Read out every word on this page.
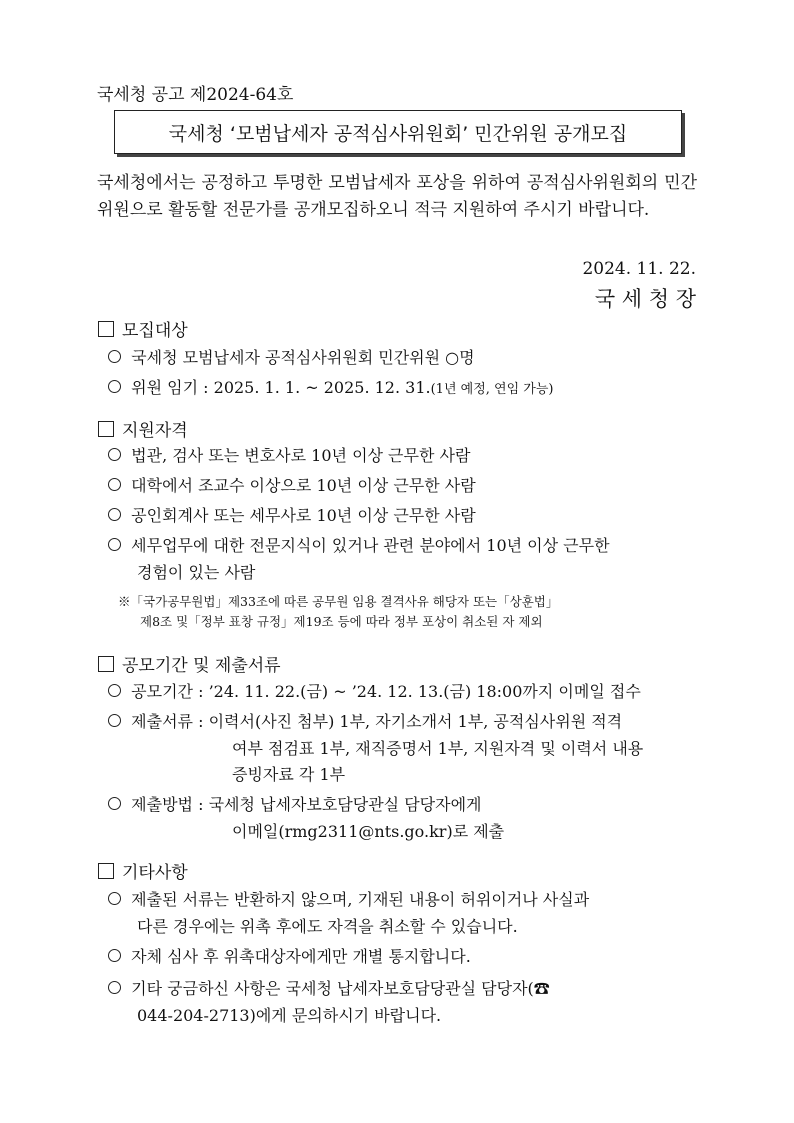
국세청 공고 제2024-64호
국세청 ‘모범납세자 공적심사위원회’ 민간위원 공개모집
국세청에서는 공정하고 투명한 모범납세자 포상을 위하여 공적심사위원회의 민간위원으로 활동할 전문가를 공개모집하오니 적극 지원하여 주시기 바랍니다.
2024. 11. 22.
국 세 청 장
모집대상
국세청 모범납세자 공적심사위원회 민간위원 ○명
위원 임기 : 2025. 1. 1. ~ 2025. 12. 31.(1년 예정, 연임 가능)
지원자격
법관, 검사 또는 변호사로 10년 이상 근무한 사람
대학에서 조교수 이상으로 10년 이상 근무한 사람
공인회계사 또는 세무사로 10년 이상 근무한 사람
세무업무에 대한 전문지식이 있거나 관련 분야에서 10년 이상 근무한
경험이 있는 사람
※「국가공무원법」제33조에 따른 공무원 임용 결격사유 해당자 또는「상훈법」
제8조 및「정부 표창 규정」제19조 등에 따라 정부 포상이 취소된 자 제외
공모기간 및 제출서류
공모기간 : ’24. 11. 22.(금) ~ ’24. 12. 13.(금) 18:00까지 이메일 접수
제출서류 : 이력서(사진 첨부) 1부, 자기소개서 1부, 공적심사위원 적격
여부 점검표 1부, 재직증명서 1부, 지원자격 및 이력서 내용
증빙자료 각 1부
제출방법 : 국세청 납세자보호담당관실 담당자에게
이메일(rmg2311@nts.go.kr)로 제출
기타사항
제출된 서류는 반환하지 않으며, 기재된 내용이 허위이거나 사실과
다른 경우에는 위촉 후에도 자격을 취소할 수 있습니다.
자체 심사 후 위촉대상자에게만 개별 통지합니다.
기타 궁금하신 사항은 국세청 납세자보호담당관실 담당자(☎
044-204-2713)에게 문의하시기 바랍니다.
